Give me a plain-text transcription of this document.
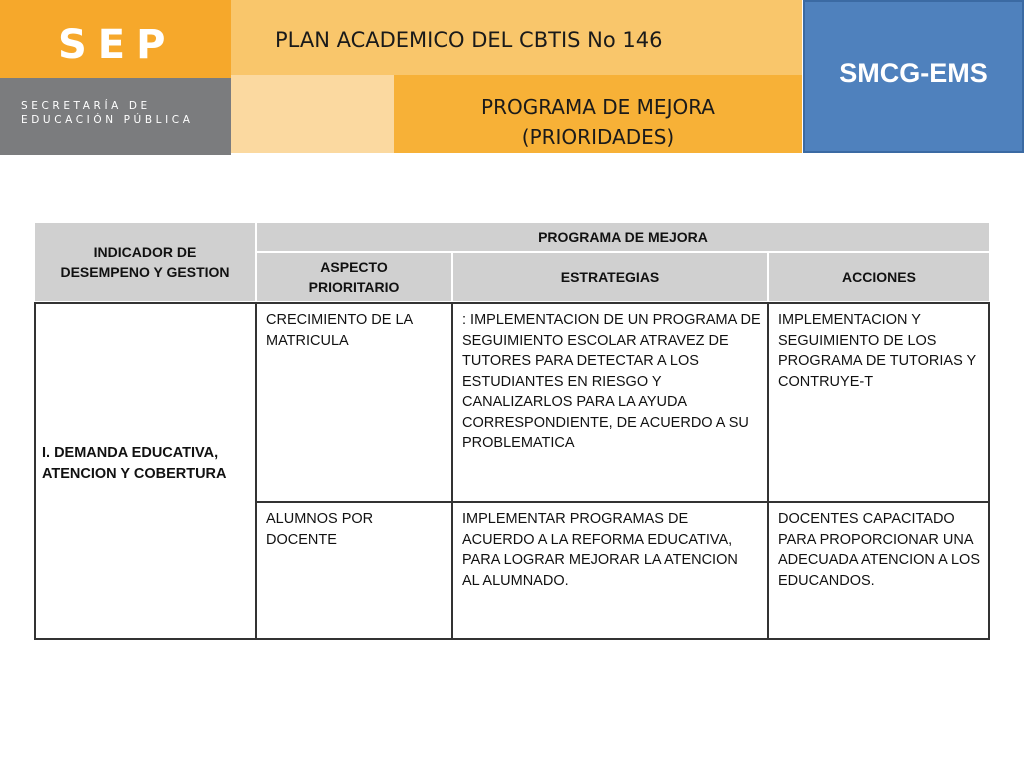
SEP
SECRETARÍA DE
EDUCACIÓN PÚBLICA
PLAN ACADEMICO DEL CBTIS No 146
PROGRAMA DE MEJORA
(PRIORIDADES)
SMCG-EMS
INDICADOR DE DESEMPENO Y GESTION
PROGRAMA DE MEJORA
ASPECTO PRIORITARIO
ESTRATEGIAS	ACCIONES
I. DEMANDA EDUCATIVA, ATENCION Y COBERTURA
CRECIMIENTO DE LA MATRICULA
: IMPLEMENTACION DE UN PROGRAMA DE SEGUIMIENTO ESCOLAR ATRAVEZ DE TUTORES PARA DETECTAR A LOS ESTUDIANTES EN RIESGO Y CANALIZARLOS PARA LA AYUDA CORRESPONDIENTE, DE ACUERDO A SU PROBLEMATICA
IMPLEMENTACION Y SEGUIMIENTO DE LOS PROGRAMA DE TUTORIAS Y CONTRUYE-T
ALUMNOS POR DOCENTE
IMPLEMENTAR PROGRAMAS DE ACUERDO A LA REFORMA EDUCATIVA, PARA LOGRAR MEJORAR LA ATENCION AL ALUMNADO.
DOCENTES CAPACITADO PARA PROPORCIONAR UNA ADECUADA ATENCION A LOS EDUCANDOS.
